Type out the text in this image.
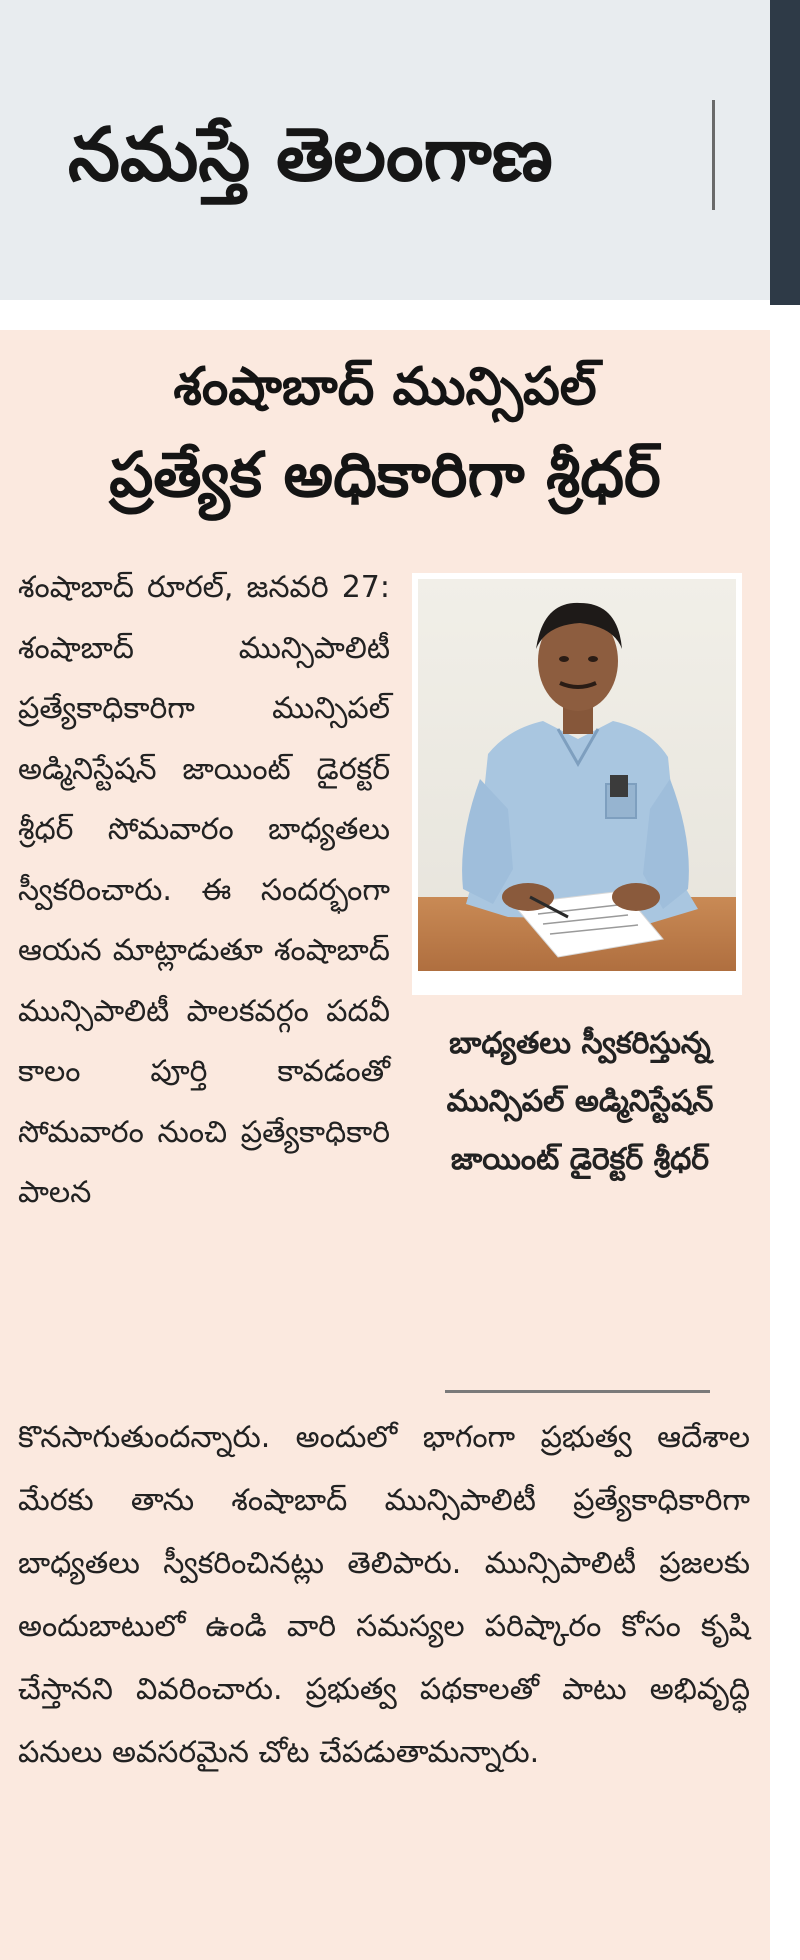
నమస్తే తెలంగాణ
శంషాబాద్ మున్సిపల్
ప్రత్యేక అధికారిగా శ్రీధర్
శంషాబాద్ రూరల్, జనవరి 27: శంషాబాద్ మున్సిపాలిటీ ప్రత్యేకాధికారిగా మున్సిపల్ అడ్మినిస్టేషన్ జాయింట్ డైరక్టర్ శ్రీధర్ సోమవారం బాధ్యతలు స్వీకరించారు. ఈ సందర్భంగా ఆయన మాట్లాడుతూ శంషాబాద్ మున్సిపాలిటీ పాలకవర్గం పదవీ కాలం పూర్తి కావడంతో సోమవారం నుంచి ప్రత్యేకాధికారి పాలన
బాధ్యతలు స్వీకరిస్తున్న మున్సిపల్ అడ్మినిస్టేషన్ జాయింట్ డైరెక్టర్ శ్రీధర్
కొనసాగుతుందన్నారు. అందులో భాగంగా ప్రభుత్వ ఆదేశాల మేరకు తాను శంషాబాద్ మున్సిపాలిటీ ప్రత్యేకాధికారిగా బాధ్యతలు స్వీకరించినట్లు తెలిపారు. మున్సిపాలిటీ ప్రజలకు అందుబాటులో ఉండి వారి సమస్యల పరిష్కారం కోసం కృషి చేస్తానని వివరించారు. ప్రభుత్వ పథకాలతో పాటు అభివృద్ధి పనులు అవసరమైన చోట చేపడుతామన్నారు.
